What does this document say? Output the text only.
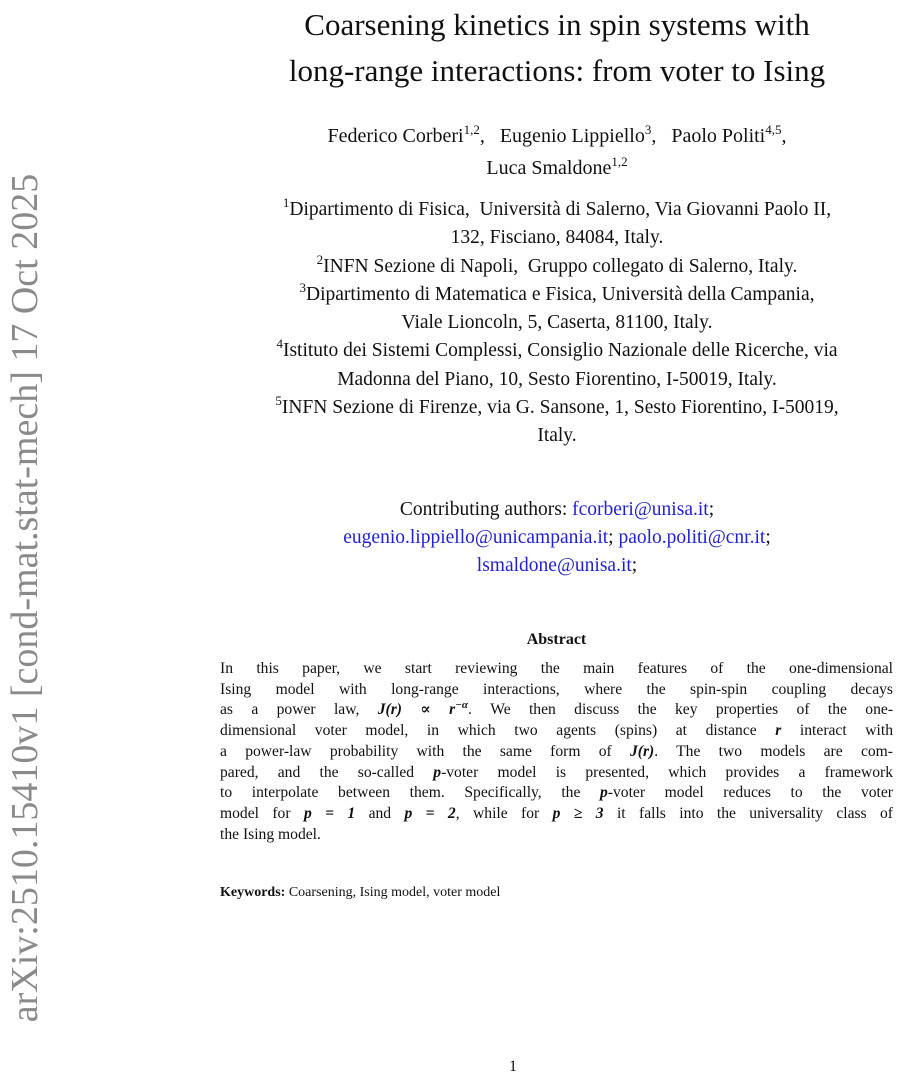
arXiv:2510.15410v1 [cond-mat.stat-mech] 17 Oct 2025
Coarsening kinetics in spin systems with
long-range interactions: from voter to Ising
Federico Corberi$^{1,2}$,   Eugenio Lippiello$^3$,   Paolo Politi$^{4,5}$,
Luca Smaldone$^{1,2}$
$^1$Dipartimento di Fisica,  Università di Salerno, Via Giovanni Paolo II,
132, Fisciano, 84084, Italy.
$^2$INFN Sezione di Napoli,  Gruppo collegato di Salerno, Italy.
$^3$Dipartimento di Matematica e Fisica, Università della Campania,
Viale Lioncoln, 5, Caserta, 81100, Italy.
$^4$Istituto dei Sistemi Complessi, Consiglio Nazionale delle Ricerche, via
Madonna del Piano, 10, Sesto Fiorentino, I-50019, Italy.
$^5$INFN Sezione di Firenze, via G. Sansone, 1, Sesto Fiorentino, I-50019,
Italy.
Contributing authors: fcorberi@unisa.it;
eugenio.lippiello@unicampania.it; paolo.politi@cnr.it;
lsmaldone@unisa.it;
Abstract
In this paper, we start reviewing the main features of the one-dimensional
Ising model with long-range interactions, where the spin-spin coupling decays
as a power law, $J(r) \propto r^{-\alpha}$. We then discuss the key properties of the one-
dimensional voter model, in which two agents (spins) at distance r interact with
a power-law probability with the same form of J(r). The two models are com-
pared, and the so-called p-voter model is presented, which provides a framework
to interpolate between them. Specifically, the p-voter model reduces to the voter
model for p = 1 and p = 2, while for p ≥ 3 it falls into the universality class of
the Ising model.
Keywords: Coarsening, Ising model, voter model
1
